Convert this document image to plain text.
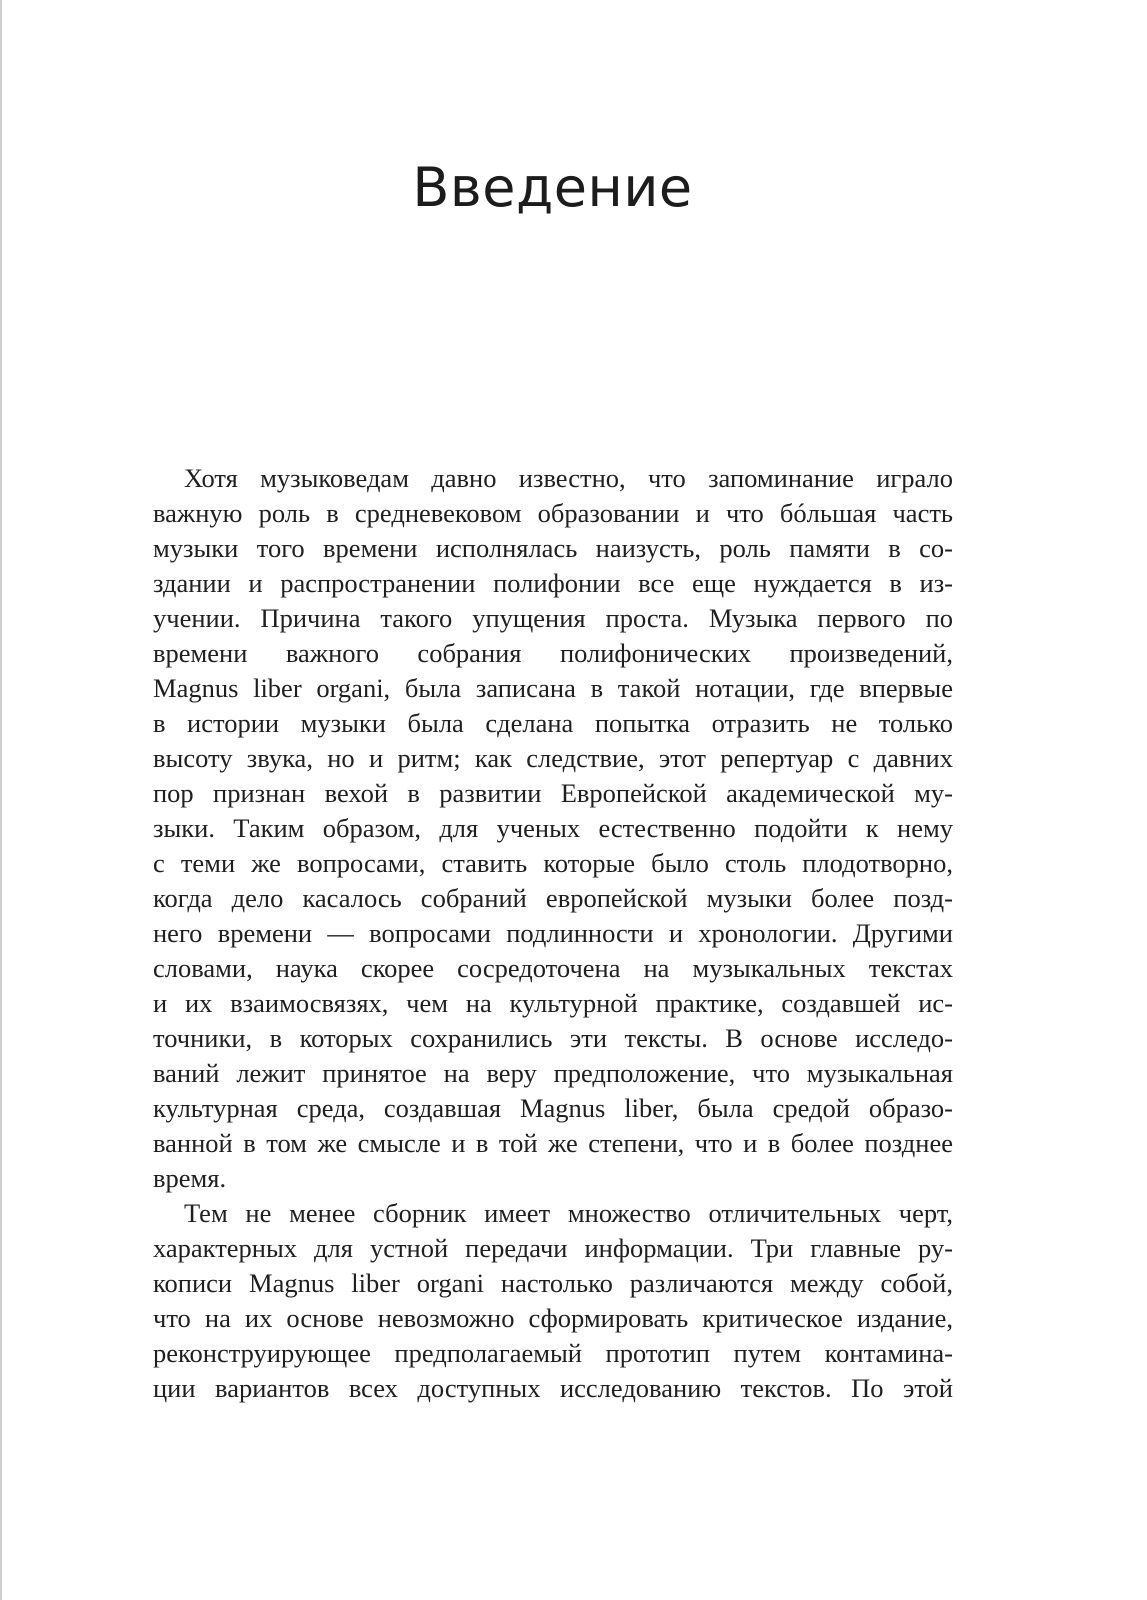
Введение
Хотя музыковедам давно известно, что запоминание играло
важную роль в средневековом образовании и что бóльшая часть
музыки того времени исполнялась наизусть, роль памяти в со-
здании и распространении полифонии все еще нуждается в из-
учении. Причина такого упущения проста. Музыка первого по
времени важного собрания полифонических произведений,
Magnus liber organi, была записана в такой нотации, где впервые
в истории музыки была сделана попытка отразить не только
высоту звука, но и ритм; как следствие, этот репертуар с давних
пор признан вехой в развитии Европейской академической му-
зыки. Таким образом, для ученых естественно подойти к нему
с теми же вопросами, ставить которые было столь плодотворно,
когда дело касалось собраний европейской музыки более позд-
него времени — вопросами подлинности и хронологии. Другими
словами, наука скорее сосредоточена на музыкальных текстах
и их взаимосвязях, чем на культурной практике, создавшей ис-
точники, в которых сохранились эти тексты. В основе исследо-
ваний лежит принятое на веру предположение, что музыкальная
культурная среда, создавшая Magnus liber, была средой образо-
ванной в том же смысле и в той же степени, что и в более позднее
время.
Тем не менее сборник имеет множество отличительных черт,
характерных для устной передачи информации. Три главные ру-
кописи Magnus liber organi настолько различаются между собой,
что на их основе невозможно сформировать критическое издание,
реконструирующее предполагаемый прототип путем контамина-
ции вариантов всех доступных исследованию текстов. По этой
